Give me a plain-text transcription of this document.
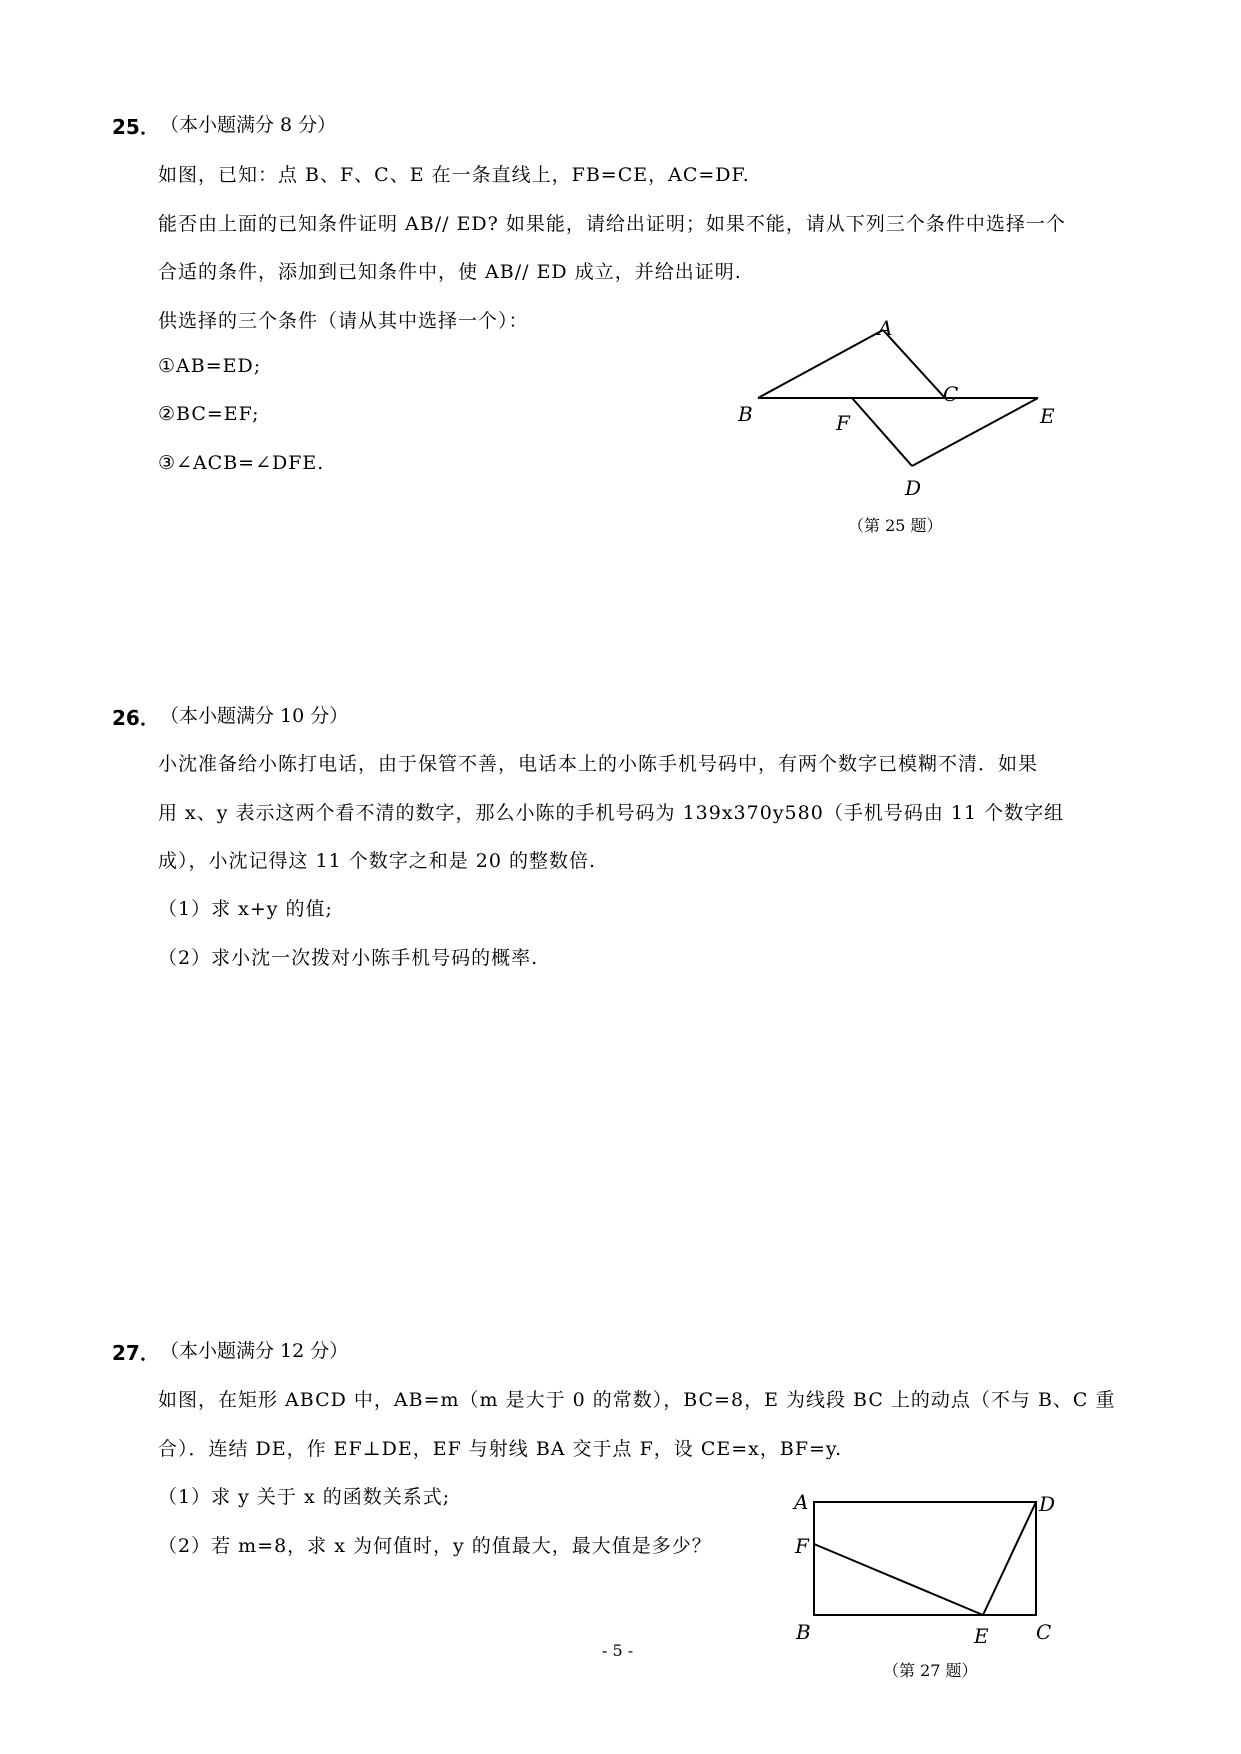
25． （本小题满分 8 分）
如图，已知：点 B、F、C、E 在一条直线上，FB=CE，AC=DF.
能否由上面的已知条件证明 AB// ED? 如果能，请给出证明；如果不能，请从下列三个条件中选择一个
合适的条件，添加到已知条件中，使 AB// ED 成立，并给出证明.
供选择的三个条件（请从其中选择一个）：
①AB=ED;
②BC=EF;
③∠ACB=∠DFE.
A
B
C
D
E
F
（第 25 题）
26． （本小题满分 10 分）
小沈准备给小陈打电话，由于保管不善，电话本上的小陈手机号码中，有两个数字已模糊不清．如果
用 x、y 表示这两个看不清的数字，那么小陈的手机号码为 139x370y580（手机号码由 11 个数字组
成），小沈记得这 11 个数字之和是 20 的整数倍.
（1）求 x+y 的值;
（2）求小沈一次拨对小陈手机号码的概率.
27． （本小题满分 12 分）
如图，在矩形 ABCD 中，AB=m（m 是大于 0 的常数），BC=8，E 为线段 BC 上的动点（不与 B、C 重
合）．连结 DE，作 EF⊥DE，EF 与射线 BA 交于点 F，设 CE=x，BF=y.
（1）求 y 关于 x 的函数关系式;
（2）若 m=8，求 x 为何值时，y 的值最大，最大值是多少？
A
B	C
D
E
F
（第 27 题）
- 5 -
